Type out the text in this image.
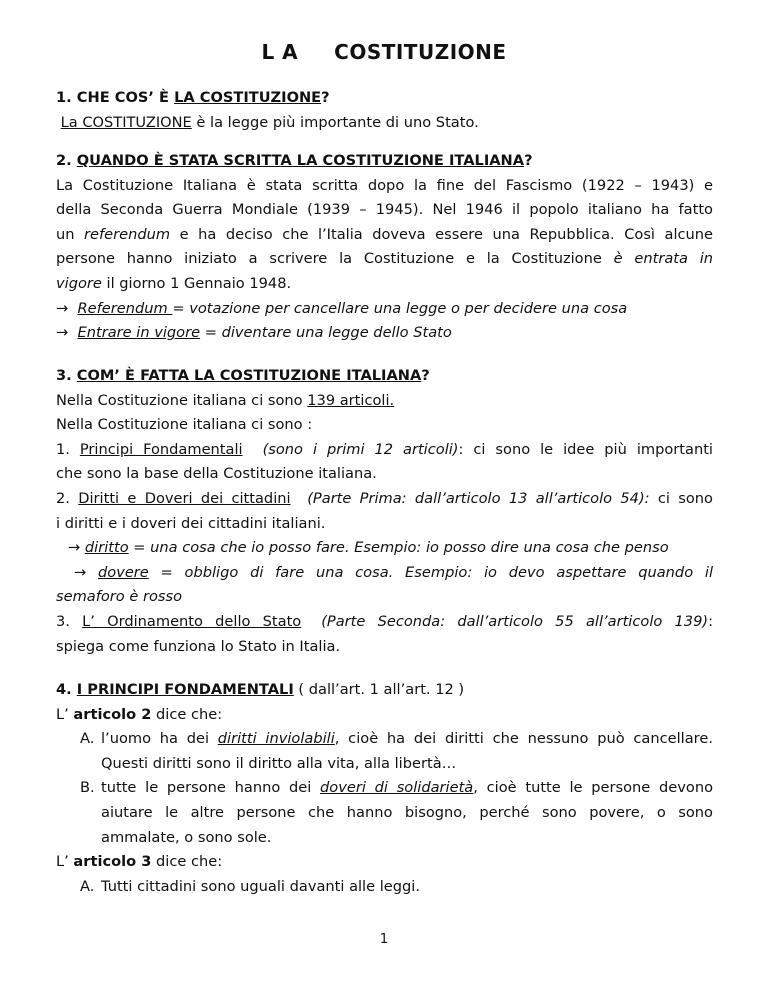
L A COSTITUZIONE
1. CHE COS’ È LA COSTITUZIONE?
La COSTITUZIONE è la legge più importante di uno Stato.
2. QUANDO È STATA SCRITTA LA COSTITUZIONE ITALIANA?
La Costituzione Italiana è stata scritta dopo la fine del Fascismo (1922 – 1943) e
della Seconda Guerra Mondiale (1939 – 1945). Nel 1946 il popolo italiano ha fatto
un referendum e ha deciso che l’Italia doveva essere una Repubblica. Così alcune
persone hanno iniziato a scrivere la Costituzione e la Costituzione è entrata in
vigore il giorno 1 Gennaio 1948.
→ Referendum = votazione per cancellare una legge o per decidere una cosa
→ Entrare in vigore = diventare una legge dello Stato
3. COM’ È FATTA LA COSTITUZIONE ITALIANA?
Nella Costituzione italiana ci sono 139 articoli.
Nella Costituzione italiana ci sono :
1. Principi Fondamentali (sono i primi 12 articoli): ci sono le idee più importanti
che sono la base della Costituzione italiana.
2. Diritti e Doveri dei cittadini (Parte Prima: dall’articolo 13 all’articolo 54): ci sono
i diritti e i doveri dei cittadini italiani.
→ diritto = una cosa che io posso fare. Esempio: io posso dire una cosa che penso
→ dovere = obbligo di fare una cosa. Esempio: io devo aspettare quando il
semaforo è rosso
3. L’ Ordinamento dello Stato (Parte Seconda: dall’articolo 55 all’articolo 139):
spiega come funziona lo Stato in Italia.
4. I PRINCIPI FONDAMENTALI ( dall’art. 1 all’art. 12 )
L’ articolo 2 dice che:
A. l’uomo ha dei diritti inviolabili, cioè ha dei diritti che nessuno può cancellare.
Questi diritti sono il diritto alla vita, alla libertà…
B. tutte le persone hanno dei doveri di solidarietà, cioè tutte le persone devono
aiutare le altre persone che hanno bisogno, perché sono povere, o sono
ammalate, o sono sole.
L’ articolo 3 dice che:
A. Tutti cittadini sono uguali davanti alle leggi.
1
